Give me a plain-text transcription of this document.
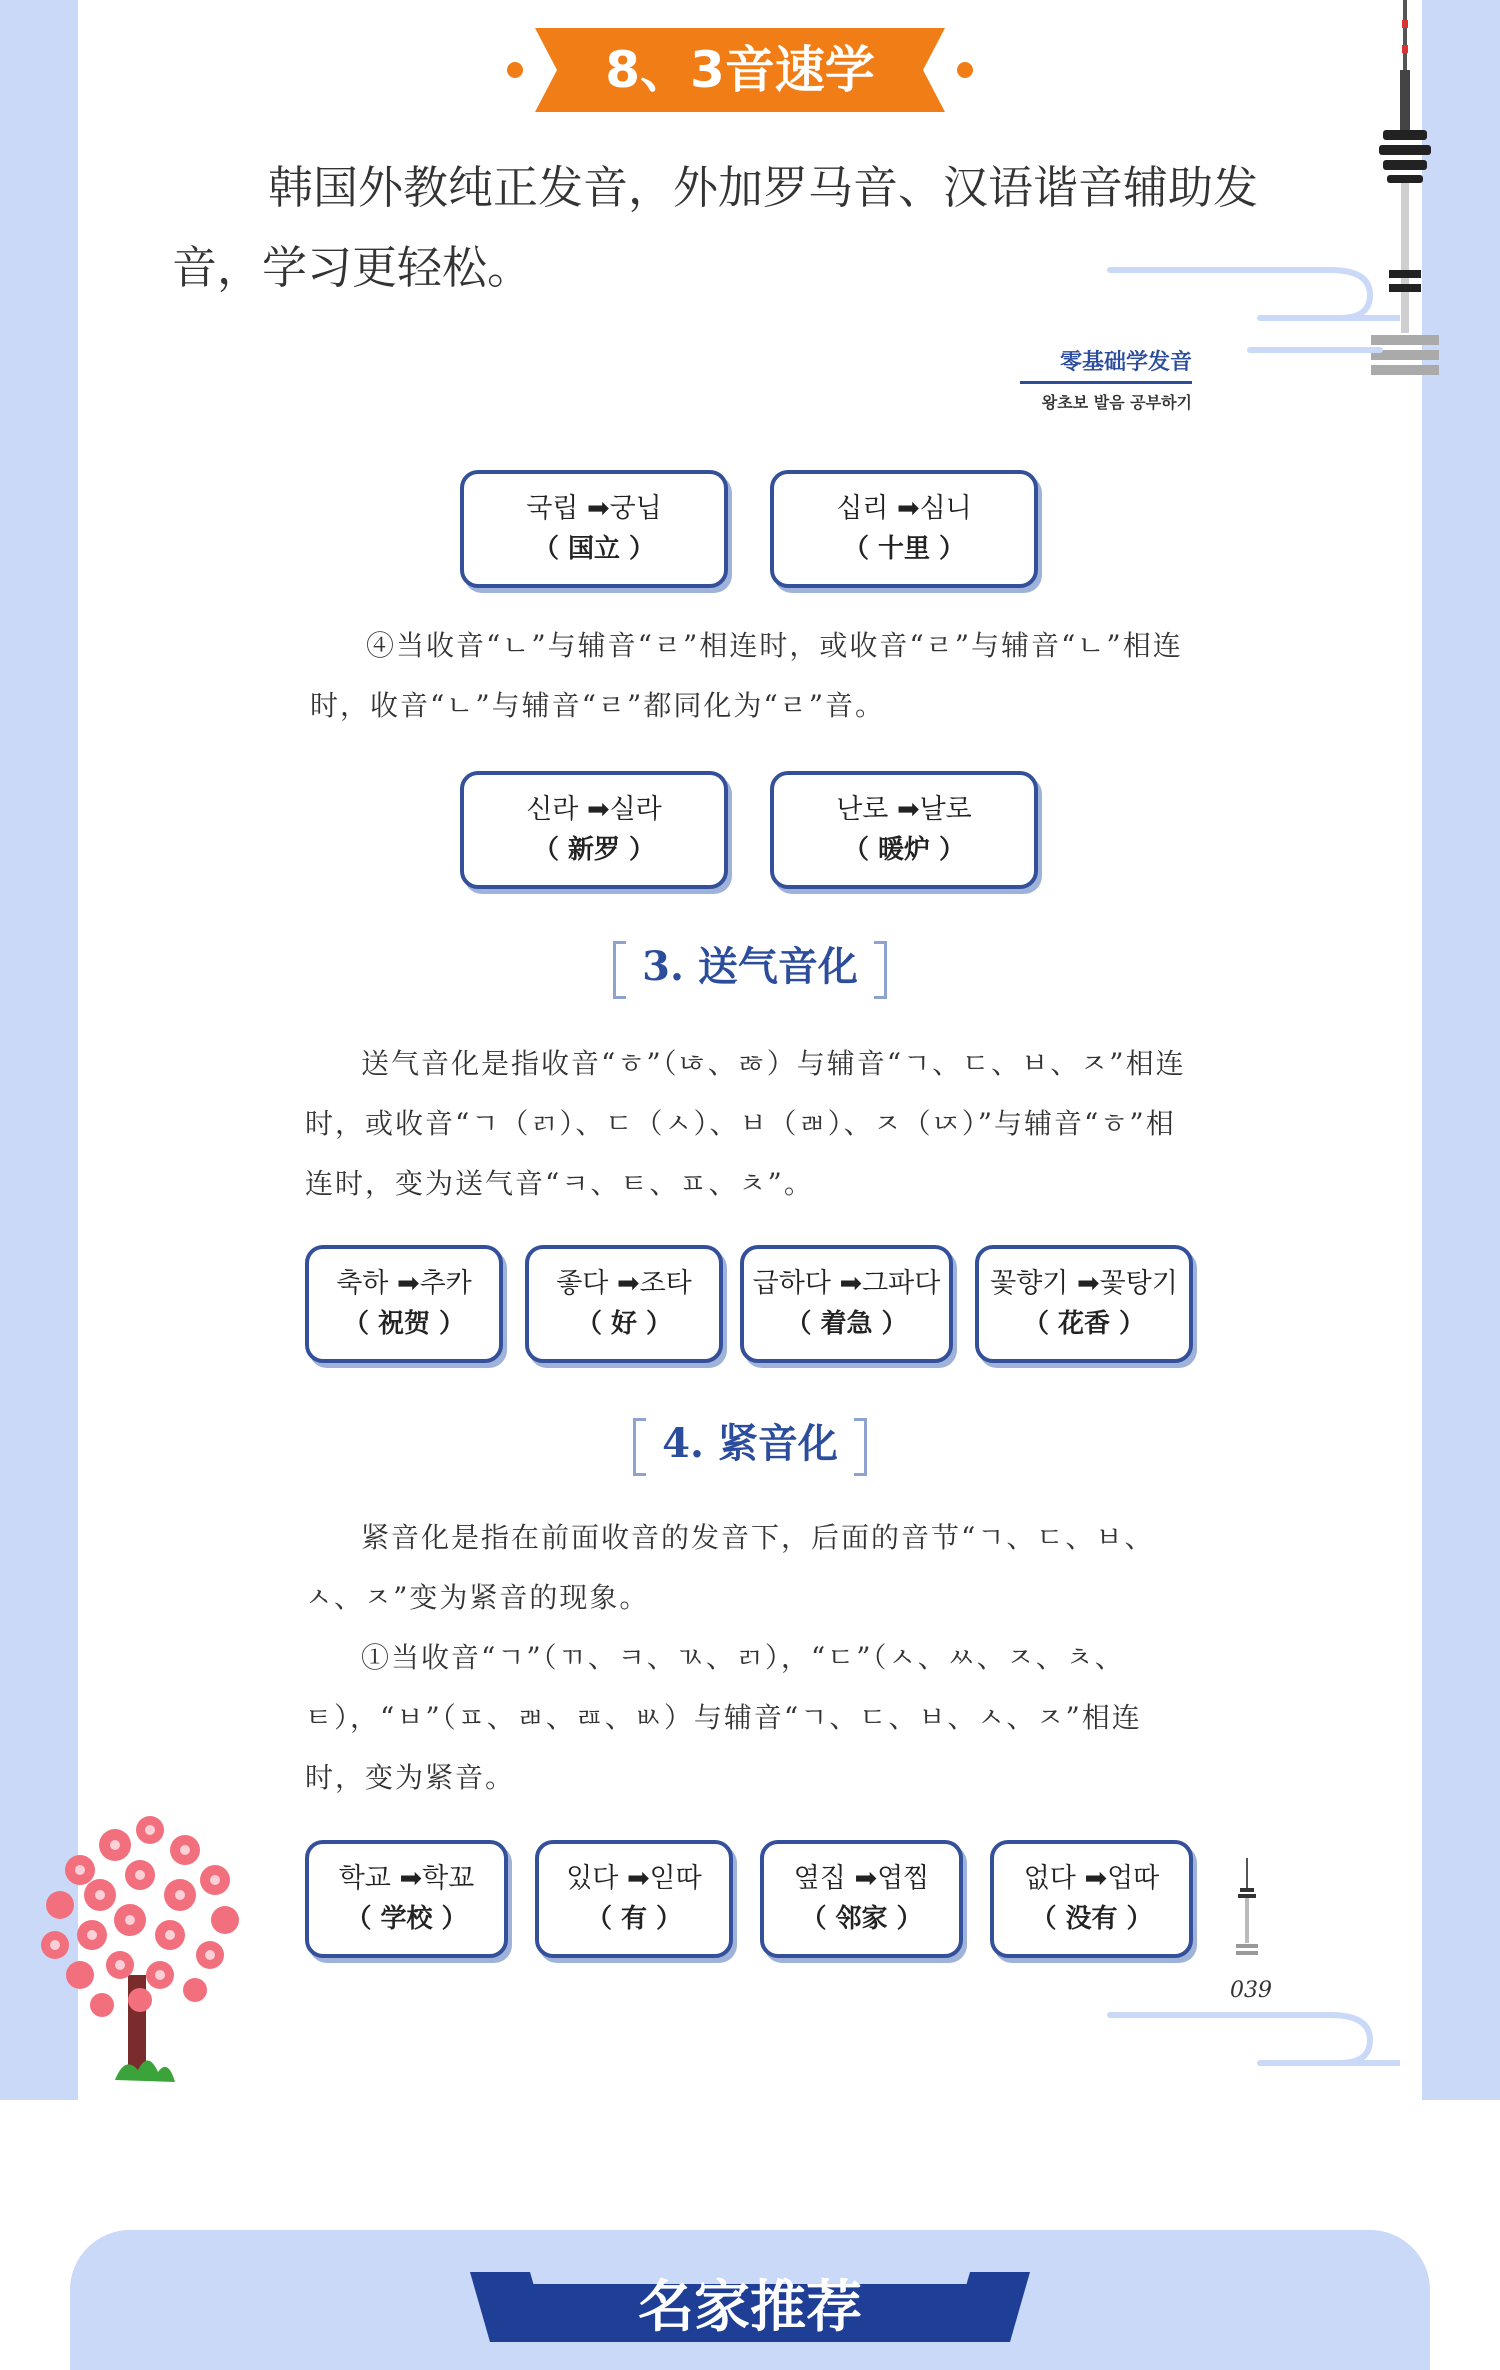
8、3音速学

韩国外教纯正发音，外加罗马音、汉语谐音辅助发音，学习更轻松。

零基础学发音
왕초보 발음 공부하기
국립 ➡궁닙
（ 国立 ）
십리 ➡심니
（ 十里 ）

④当收音“ㄴ”与辅音“ㄹ”相连时，或收音“ㄹ”与辅音“ㄴ”相连时，收音“ㄴ”与辅音“ㄹ”都同化为“ㄹ”音。

신라 ➡실라
（ 新罗 ）
난로 ➡날로
（ 暖炉 ）
3. 送气音化

送气音化是指收音“ㅎ”（ㄶ、ㅀ）与辅音“ㄱ、ㄷ、ㅂ、ㅈ”相连时，或收音“ㄱ（ㄺ）、ㄷ（ㅅ）、ㅂ（ㄼ）、ㅈ（ㄵ）”与辅音“ㅎ”相连时，变为送气音“ㅋ、ㅌ、ㅍ、ㅊ”。

축하 ➡추카
（ 祝贺 ）
좋다 ➡조타
（ 好 ）
급하다 ➡그파다
（ 着急 ）
꽃향기 ➡꽃탕기
（ 花香 ）
4. 紧音化

紧音化是指在前面收音的发音下，后面的音节“ㄱ、ㄷ、ㅂ、ㅅ、ㅈ”变为紧音的现象。

①当收音“ㄱ”（ㄲ、ㅋ、ㄳ、ㄺ），“ㄷ”（ㅅ、ㅆ、ㅈ、ㅊ、ㅌ），“ㅂ”（ㅍ、ㄼ、ㄿ、ㅄ）与辅音“ㄱ、ㄷ、ㅂ、ㅅ、ㅈ”相连时，变为紧音。

학교 ➡학꾜
（ 学校 ）
있다 ➡읻따
（ 有 ）
옆집 ➡엽찝
（ 邻家 ）
없다 ➡업따
（ 没有 ）
039
名家推荐
